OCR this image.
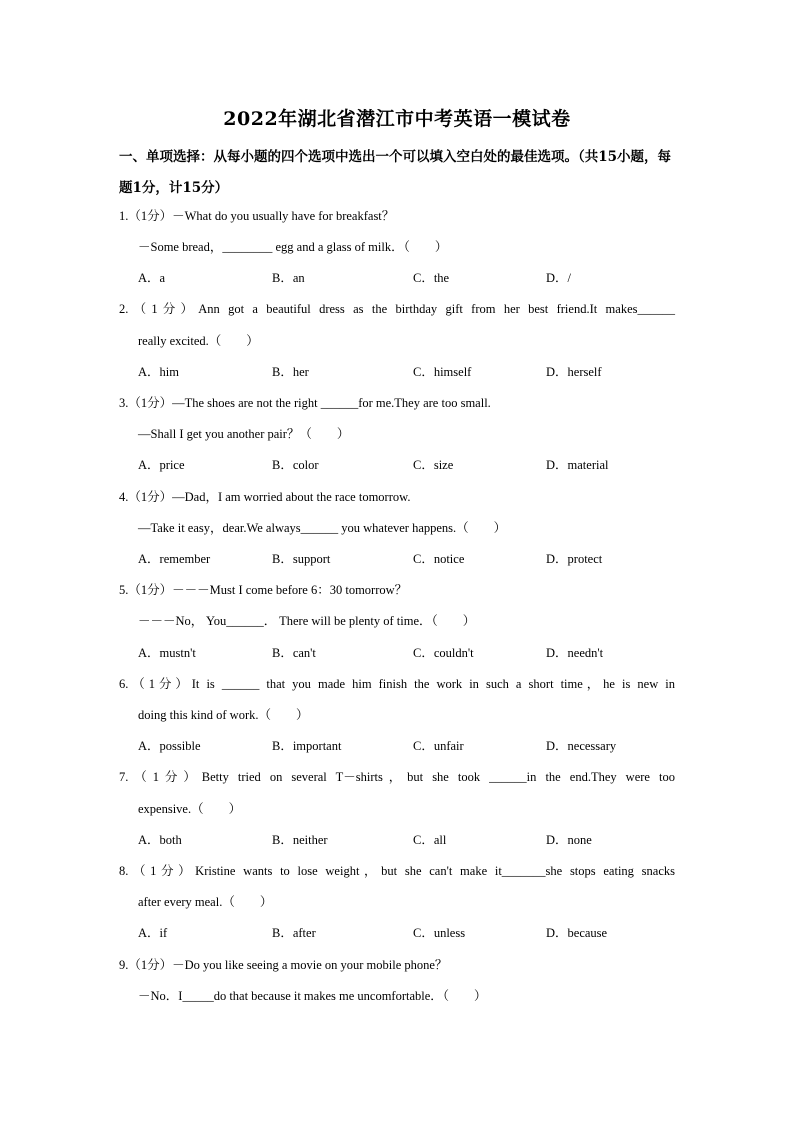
2022年湖北省潜江市中考英语一模试卷
一、单项选择：从每小题的四个选项中选出一个可以填入空白处的最佳选项。（共15小题，每题1分，计15分）
1.（1分）－What do you usually have for breakfast？
－Some bread，________ egg and a glass of milk．（　　）
A．a	B．an	C．the	D．/
2.（1分）Ann got a beautiful dress as the birthday gift from her best friend.It makes______
really excited.（　　）
A．him	B．her	C．himself	D．herself
3.（1分）—The shoes are not the right ______for me.They are too small.
—Shall I get you another pair？（　　）
A．price	B．color	C．size	D．material
4.（1分）—Dad，I am worried about the race tomorrow.
—Take it easy，dear.We always______ you whatever happens.（　　）
A．remember	B．support	C．notice	D．protect
5.（1分）－－－Must I come before 6：30 tomorrow？
－－－No， You______． There will be plenty of time．（　　）
A．mustn't	B．can't	C．couldn't	D．needn't
6.（1分）It is ______ that you made him finish the work in such a short time，he is new in
doing this kind of work.（　　）
A．possible	B．important	C．unfair	D．necessary
7.（1分）Betty tried on several T－shirts，but she took ______in the end.They were too
expensive.（　　）
A．both	B．neither	C．all	D．none
8.（1分）Kristine wants to lose weight，but she can't make it_______she stops eating snacks
after every meal.（　　）
A．if	B．after	C．unless	D．because
9.（1分）－Do you like seeing a movie on your mobile phone？
－No．I_____do that because it makes me uncomfortable．（　　）
